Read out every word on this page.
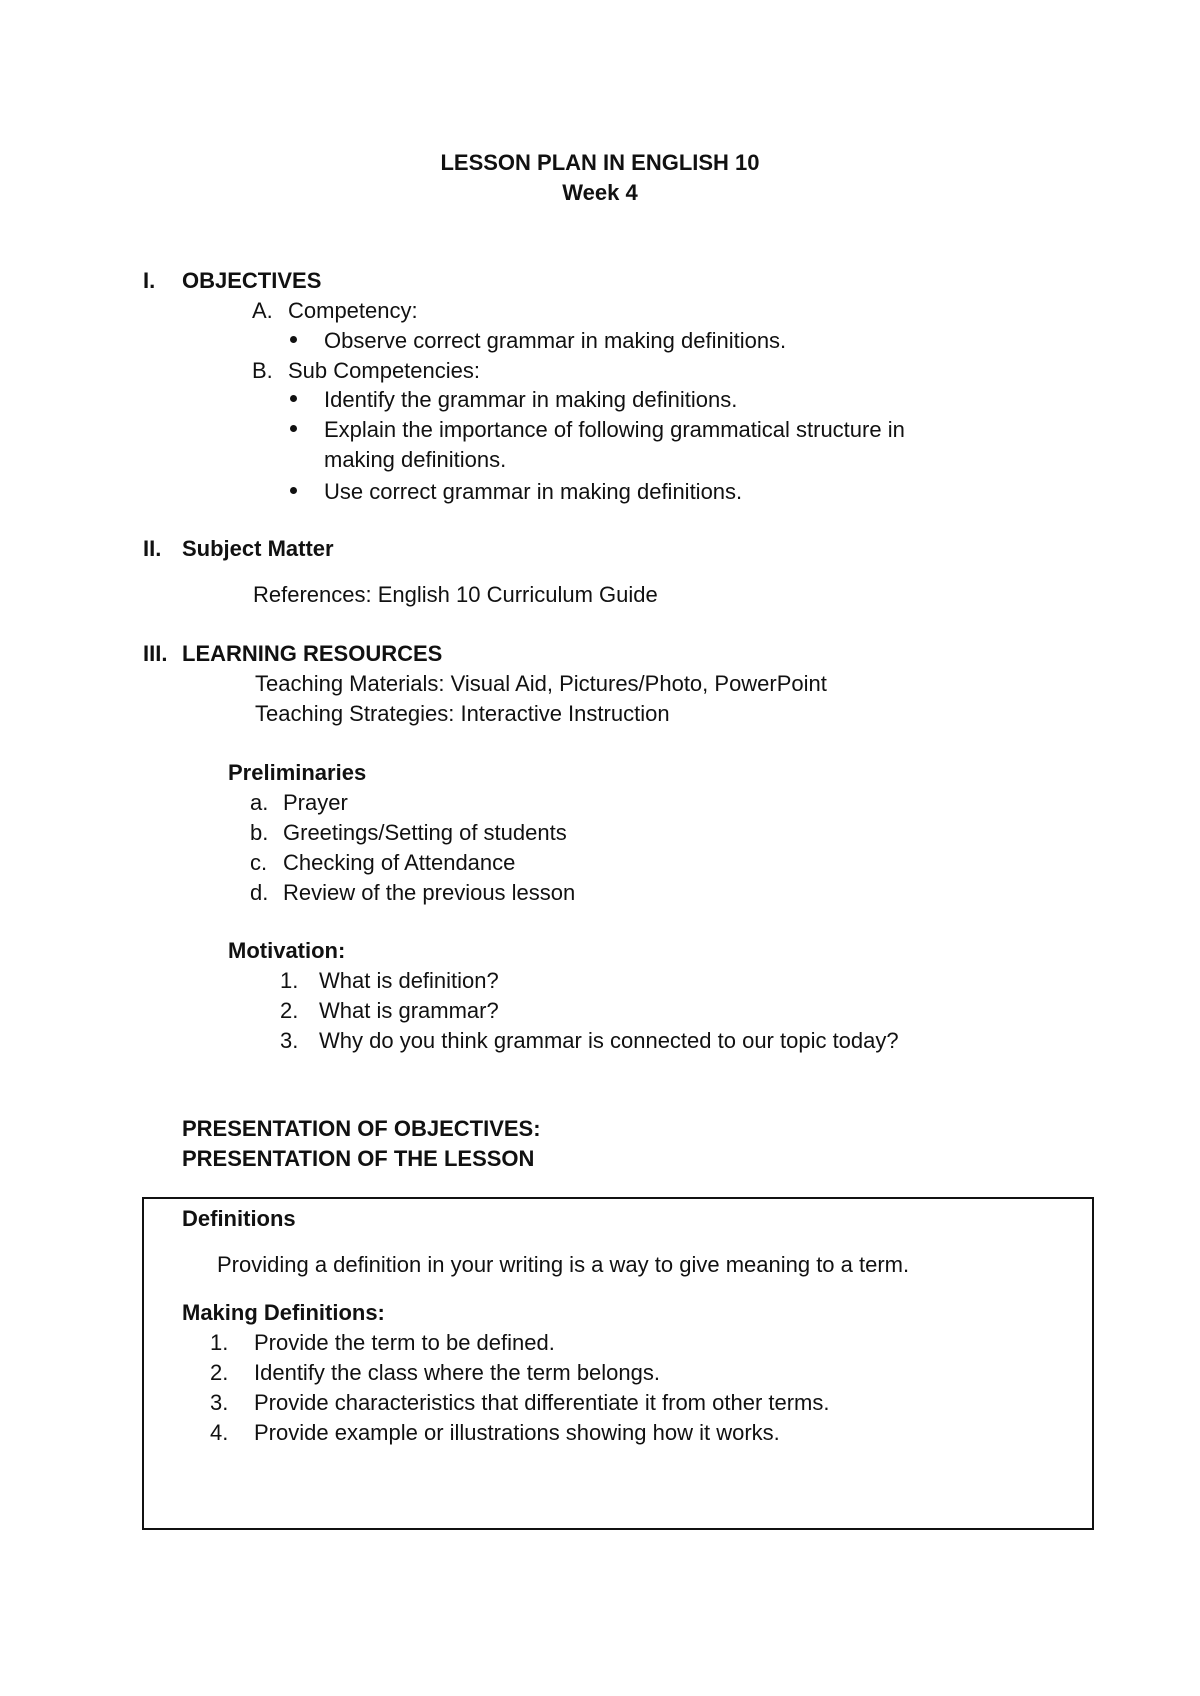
LESSON PLAN IN ENGLISH 10
Week 4
I. OBJECTIVES
A. Competency:
Observe correct grammar in making definitions.
B. Sub Competencies:
Identify the grammar in making definitions.
Explain the importance of following grammatical structure in
making definitions.
Use correct grammar in making definitions.
II. Subject Matter
References: English 10 Curriculum Guide
III. LEARNING RESOURCES
Teaching Materials: Visual Aid, Pictures/Photo, PowerPoint
Teaching Strategies: Interactive Instruction
Preliminaries
a. Prayer
b. Greetings/Setting of students
c. Checking of Attendance
d. Review of the previous lesson
Motivation:
1. What is definition?
2. What is grammar?
3. Why do you think grammar is connected to our topic today?
PRESENTATION OF OBJECTIVES:
PRESENTATION OF THE LESSON
Definitions
Providing a definition in your writing is a way to give meaning to a term.
Making Definitions:
1. Provide the term to be defined.
2. Identify the class where the term belongs.
3. Provide characteristics that differentiate it from other terms.
4. Provide example or illustrations showing how it works.
